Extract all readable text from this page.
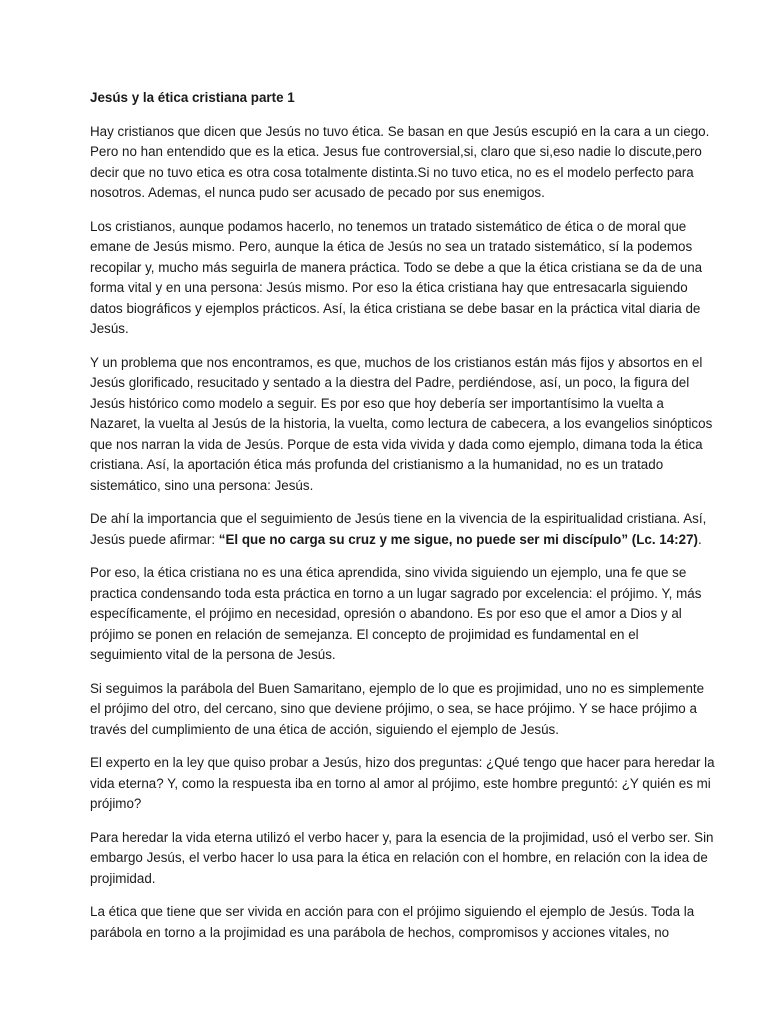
Jesús y la ética cristiana parte 1

Hay cristianos que dicen que Jesús no tuvo ética. Se basan en que Jesús escupió en la cara a un ciego.
Pero no han entendido que es la etica. Jesus fue controversial,si, claro que si,eso nadie lo discute,pero
decir que no tuvo etica es otra cosa totalmente distinta.Si no tuvo etica, no es el modelo perfecto para
nosotros. Ademas, el nunca pudo ser acusado de pecado por sus enemigos.

Los cristianos, aunque podamos hacerlo, no tenemos un tratado sistemático de ética o de moral que
emane de Jesús mismo. Pero, aunque la ética de Jesús no sea un tratado sistemático, sí la podemos
recopilar y, mucho más seguirla de manera práctica. Todo se debe a que la ética cristiana se da de una
forma vital y en una persona: Jesús mismo. Por eso la ética cristiana hay que entresacarla siguiendo
datos biográficos y ejemplos prácticos. Así, la ética cristiana se debe basar en la práctica vital diaria de
Jesús.

Y un problema que nos encontramos, es que, muchos de los cristianos están más fijos y absortos en el
Jesús glorificado, resucitado y sentado a la diestra del Padre, perdiéndose, así, un poco, la figura del
Jesús histórico como modelo a seguir. Es por eso que hoy debería ser importantísimo la vuelta a
Nazaret, la vuelta al Jesús de la historia, la vuelta, como lectura de cabecera, a los evangelios sinópticos
que nos narran la vida de Jesús. Porque de esta vida vivida y dada como ejemplo, dimana toda la ética
cristiana. Así, la aportación ética más profunda del cristianismo a la humanidad, no es un tratado
sistemático, sino una persona: Jesús.

De ahí la importancia que el seguimiento de Jesús tiene en la vivencia de la espiritualidad cristiana. Así,
Jesús puede afirmar: “El que no carga su cruz y me sigue, no puede ser mi discípulo” (Lc. 14:27).

Por eso, la ética cristiana no es una ética aprendida, sino vivida siguiendo un ejemplo, una fe que se
practica condensando toda esta práctica en torno a un lugar sagrado por excelencia: el prójimo. Y, más
específicamente, el prójimo en necesidad, opresión o abandono. Es por eso que el amor a Dios y al
prójimo se ponen en relación de semejanza. El concepto de projimidad es fundamental en el
seguimiento vital de la persona de Jesús.

Si seguimos la parábola del Buen Samaritano, ejemplo de lo que es projimidad, uno no es simplemente
el prójimo del otro, del cercano, sino que deviene prójimo, o sea, se hace prójimo. Y se hace prójimo a
través del cumplimiento de una ética de acción, siguiendo el ejemplo de Jesús.

El experto en la ley que quiso probar a Jesús, hizo dos preguntas: ¿Qué tengo que hacer para heredar la
vida eterna? Y, como la respuesta iba en torno al amor al prójimo, este hombre preguntó: ¿Y quién es mi
prójimo?

Para heredar la vida eterna utilizó el verbo hacer y, para la esencia de la projimidad, usó el verbo ser. Sin
embargo Jesús, el verbo hacer lo usa para la ética en relación con el hombre, en relación con la idea de
projimidad.

La ética que tiene que ser vivida en acción para con el prójimo siguiendo el ejemplo de Jesús. Toda la
parábola en torno a la projimidad es una parábola de hechos, compromisos y acciones vitales, no
